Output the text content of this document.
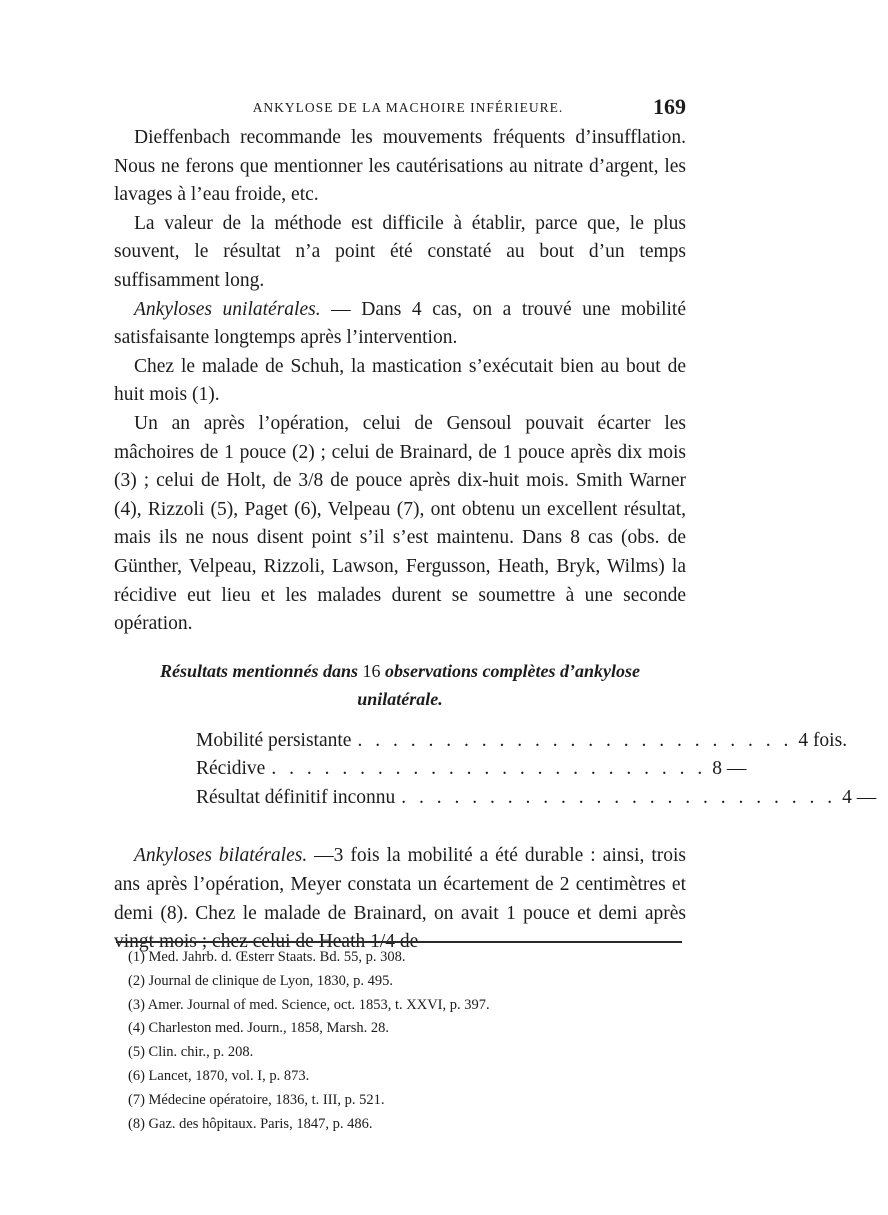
ANKYLOSE DE LA MACHOIRE INFÉRIEURE.	169

Dieffenbach recommande les mouvements fréquents d’insufflation. Nous ne ferons que mentionner les cautérisations au nitrate d’argent, les lavages à l’eau froide, etc.

La valeur de la méthode est difficile à établir, parce que, le plus souvent, le résultat n’a point été constaté au bout d’un temps suffisamment long.

Ankyloses unilatérales. — Dans 4 cas, on a trouvé une mobilité satisfaisante longtemps après l’intervention.

Chez le malade de Schuh, la mastication s’exécutait bien au bout de huit mois (1).

Un an après l’opération, celui de Gensoul pouvait écarter les mâchoires de 1 pouce (2) ; celui de Brainard, de 1 pouce après dix mois (3) ; celui de Holt, de 3/8 de pouce après dix-huit mois. Smith Warner (4), Rizzoli (5), Paget (6), Velpeau (7), ont obtenu un excellent résultat, mais ils ne nous disent point s’il s’est maintenu. Dans 8 cas (obs. de Günther, Velpeau, Rizzoli, Lawson, Fergusson, Heath, Bryk, Wilms) la récidive eut lieu et les malades durent se soumettre à une seconde opération.

Résultats mentionnés dans 16 observations complètes d’ankylose
unilatérale.
Mobilité persistante . . . . . . . . . . . . . . . . . . . . . . . . . 4 fois.
Récidive . . . . . . . . . . . . . . . . . . . . . . . . . 8 —
Résultat définitif inconnu . . . . . . . . . . . . . . . . . . . . . . . . . 4 —

Ankyloses bilatérales. —3 fois la mobilité a été durable : ainsi, trois ans après l’opération, Meyer constata un écartement de 2 centimètres et demi (8). Chez le malade de Brainard, on avait 1 pouce et demi après vingt mois ; chez celui de Heath 1/4 de

(1) Med. Jahrb. d. Œsterr Staats. Bd. 55, p. 308.
(2) Journal de clinique de Lyon, 1830, p. 495.
(3) Amer. Journal of med. Science, oct. 1853, t. XXVI, p. 397.
(4) Charleston med. Journ., 1858, Marsh. 28.
(5) Clin. chir., p. 208.
(6) Lancet, 1870, vol. I, p. 873.
(7) Médecine opératoire, 1836, t. III, p. 521.
(8) Gaz. des hôpitaux. Paris, 1847, p. 486.
